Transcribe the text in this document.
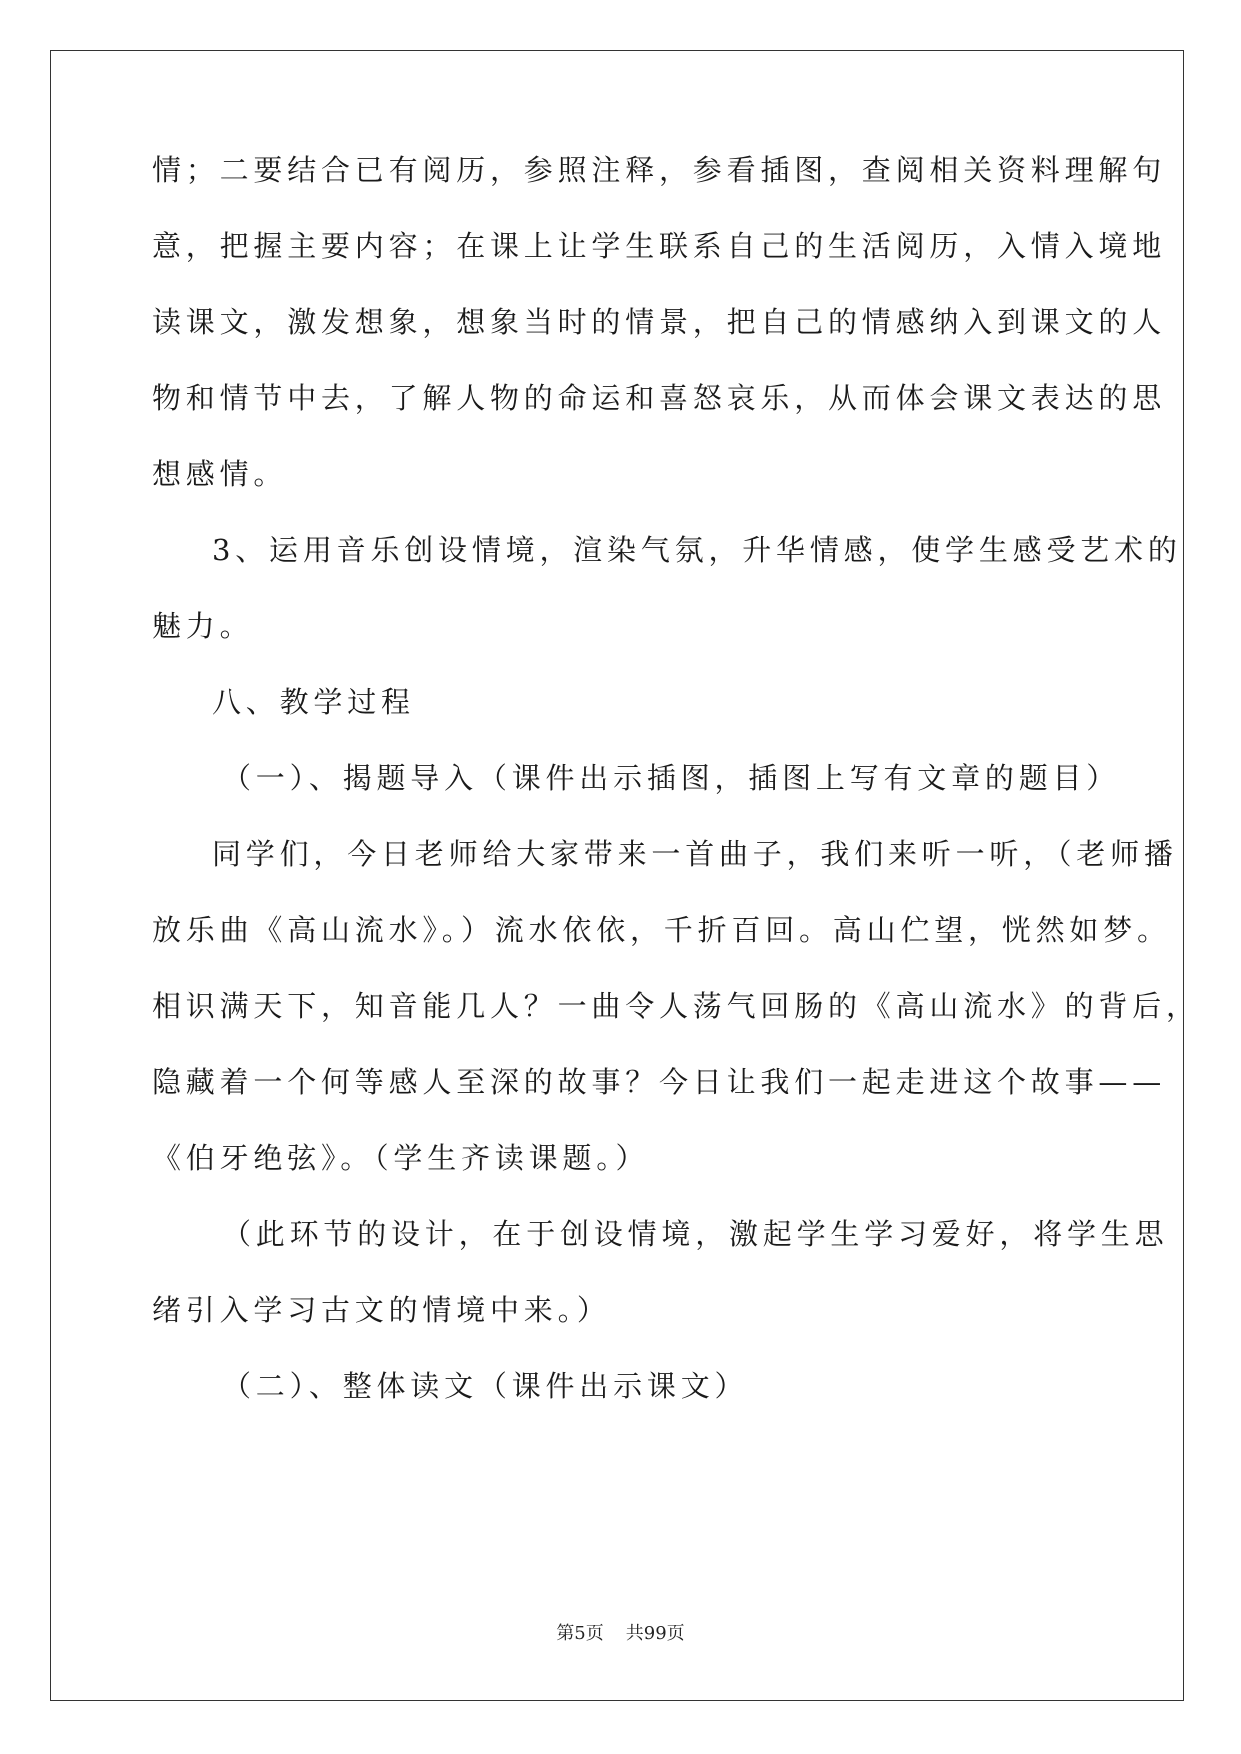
情；二要结合已有阅历，参照注释，参看插图，查阅相关资料理解句
意，把握主要内容；在课上让学生联系自己的生活阅历，入情入境地
读课文，激发想象，想象当时的情景，把自己的情感纳入到课文的人
物和情节中去，了解人物的命运和喜怒哀乐，从而体会课文表达的思
想感情。
3、运用音乐创设情境，渲染气氛，升华情感，使学生感受艺术的
魅力。
八、教学过程
（一）、揭题导入（课件出示插图，插图上写有文章的题目）
同学们，今日老师给大家带来一首曲子，我们来听一听，（老师播
放乐曲《高山流水》。）流水依依，千折百回。高山伫望，恍然如梦。
相识满天下，知音能几人？一曲令人荡气回肠的《高山流水》的背后，
隐藏着一个何等感人至深的故事？今日让我们一起走进这个故事——
《伯牙绝弦》。（学生齐读课题。）
（此环节的设计，在于创设情境，激起学生学习爱好，将学生思
绪引入学习古文的情境中来。）
（二）、整体读文（课件出示课文）
第5页 共99页
